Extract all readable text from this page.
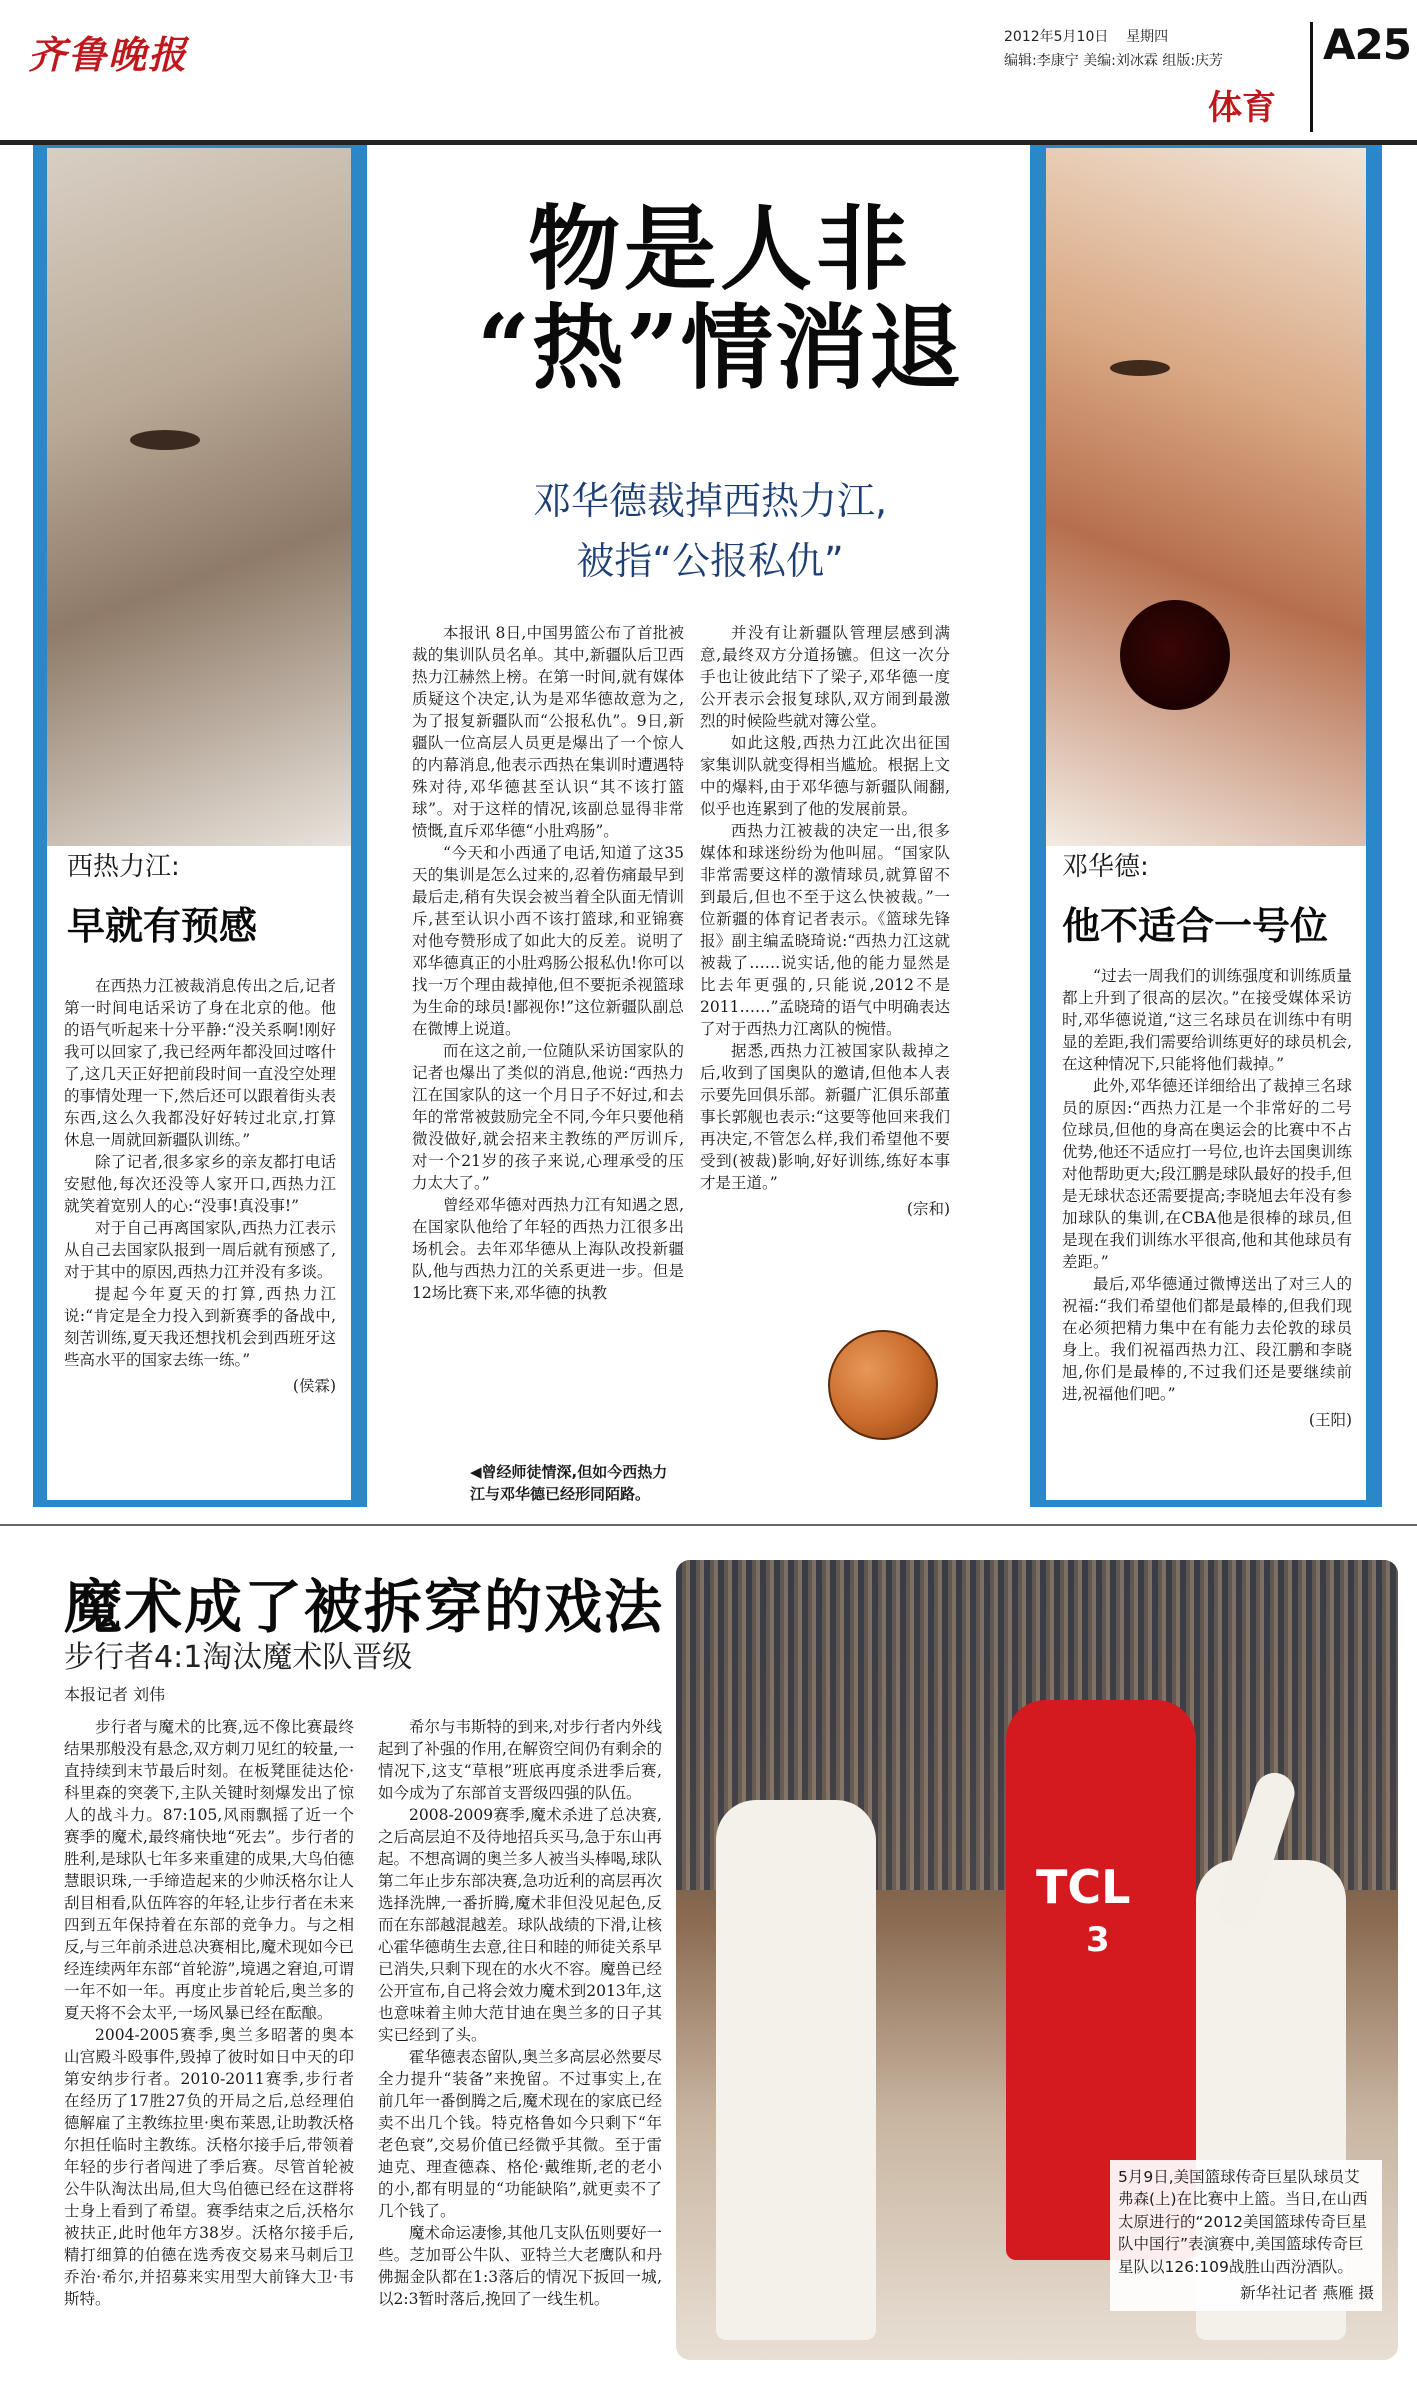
齐鲁晚报	2012年5月10日 星期四
编辑:李康宁 美编:刘冰霖 组版:庆芳 A25
体育
物是人非
“热”情消退
邓华德裁掉西热力江,
被指“公报私仇”
西热力江:
早就有预感

在西热力江被裁消息传出之后,记者第一时间电话采访了身在北京的他。他的语气听起来十分平静:“没关系啊!刚好我可以回家了,我已经两年都没回过喀什了,这几天正好把前段时间一直没空处理的事情处理一下,然后还可以跟着街头表东西,这么久我都没好好转过北京,打算休息一周就回新疆队训练。”

除了记者,很多家乡的亲友都打电话安慰他,每次还没等人家开口,西热力江就笑着宽别人的心:“没事!真没事!”

对于自己再离国家队,西热力江表示从自己去国家队报到一周后就有预感了,对于其中的原因,西热力江并没有多谈。

提起今年夏天的打算,西热力江说:“肯定是全力投入到新赛季的备战中,刻苦训练,夏天我还想找机会到西班牙这些高水平的国家去练一练。”

(侯霖)

本报讯 8日,中国男篮公布了首批被裁的集训队员名单。其中,新疆队后卫西热力江赫然上榜。在第一时间,就有媒体质疑这个决定,认为是邓华德故意为之,为了报复新疆队而“公报私仇”。9日,新疆队一位高层人员更是爆出了一个惊人的内幕消息,他表示西热在集训时遭遇特殊对待,邓华德甚至认识“其不该打篮球”。对于这样的情况,该副总显得非常愤慨,直斥邓华德“小肚鸡肠”。

“今天和小西通了电话,知道了这35天的集训是怎么过来的,忍着伤痛最早到最后走,稍有失误会被当着全队面无情训斥,甚至认识小西不该打篮球,和亚锦赛对他夸赞形成了如此大的反差。说明了邓华德真正的小肚鸡肠公报私仇!你可以找一万个理由裁掉他,但不要扼杀视篮球为生命的球员!鄙视你!”这位新疆队副总在微博上说道。

而在这之前,一位随队采访国家队的记者也爆出了类似的消息,他说:“西热力江在国家队的这一个月日子不好过,和去年的常常被鼓励完全不同,今年只要他稍微没做好,就会招来主教练的严厉训斥,对一个21岁的孩子来说,心理承受的压力太大了。”

曾经邓华德对西热力江有知遇之恩,在国家队他给了年轻的西热力江很多出场机会。去年邓华德从上海队改投新疆队,他与西热力江的关系更进一步。但是12场比赛下来,邓华德的执教

并没有让新疆队管理层感到满意,最终双方分道扬镳。但这一次分手也让彼此结下了梁子,邓华德一度公开表示会报复球队,双方闹到最激烈的时候险些就对簿公堂。

如此这般,西热力江此次出征国家集训队就变得相当尴尬。根据上文中的爆料,由于邓华德与新疆队闹翻,似乎也连累到了他的发展前景。

西热力江被裁的决定一出,很多媒体和球迷纷纷为他叫屈。“国家队非常需要这样的激情球员,就算留不到最后,但也不至于这么快被裁。”一位新疆的体育记者表示。《篮球先锋报》副主编孟晓琦说:“西热力江这就被裁了……说实话,他的能力显然是比去年更强的,只能说,2012不是2011……”孟晓琦的语气中明确表达了对于西热力江离队的惋惜。

据悉,西热力江被国家队裁掉之后,收到了国奥队的邀请,但他本人表示要先回俱乐部。新疆广汇俱乐部董事长郭舰也表示:“这要等他回来我们再决定,不管怎么样,我们希望他不要受到(被裁)影响,好好训练,练好本事才是王道。”

(宗和)
◀曾经师徒情深,但如今西热力江与邓华德已经形同陌路。
邓华德:
他不适合一号位

“过去一周我们的训练强度和训练质量都上升到了很高的层次。”在接受媒体采访时,邓华德说道,“这三名球员在训练中有明显的差距,我们需要给训练更好的球员机会,在这种情况下,只能将他们裁掉。”

此外,邓华德还详细给出了裁掉三名球员的原因:“西热力江是一个非常好的二号位球员,但他的身高在奥运会的比赛中不占优势,他还不适应打一号位,也许去国奥训练对他帮助更大;段江鹏是球队最好的投手,但是无球状态还需要提高;李晓旭去年没有参加球队的集训,在CBA他是很棒的球员,但是现在我们训练水平很高,他和其他球员有差距。”

最后,邓华德通过微博送出了对三人的祝福:“我们希望他们都是最棒的,但我们现在必须把精力集中在有能力去伦敦的球员身上。我们祝福西热力江、段江鹏和李晓旭,你们是最棒的,不过我们还是要继续前进,祝福他们吧。”

(王阳)
魔术成了被拆穿的戏法
步行者4:1淘汰魔术队晋级
本报记者 刘伟

步行者与魔术的比赛,远不像比赛最终结果那般没有悬念,双方刺刀见红的较量,一直持续到末节最后时刻。在板凳匪徒达伦·科里森的突袭下,主队关键时刻爆发出了惊人的战斗力。87:105,风雨飘摇了近一个赛季的魔术,最终痛快地“死去”。步行者的胜利,是球队七年多来重建的成果,大鸟伯德慧眼识珠,一手缔造起来的少帅沃格尔让人刮目相看,队伍阵容的年轻,让步行者在未来四到五年保持着在东部的竞争力。与之相反,与三年前杀进总决赛相比,魔术现如今已经连续两年东部“首轮游”,境遇之窘迫,可谓一年不如一年。再度止步首轮后,奥兰多的夏天将不会太平,一场风暴已经在酝酿。

2004-2005赛季,奥兰多昭著的奥本山宫殿斗殴事件,毁掉了彼时如日中天的印第安纳步行者。2010-2011赛季,步行者在经历了17胜27负的开局之后,总经理伯德解雇了主教练拉里·奥布莱恩,让助教沃格尔担任临时主教练。沃格尔接手后,带领着年轻的步行者闯进了季后赛。尽管首轮被公牛队淘汰出局,但大鸟伯德已经在这群将士身上看到了希望。赛季结束之后,沃格尔被扶正,此时他年方38岁。沃格尔接手后,精打细算的伯德在选秀夜交易来马刺后卫乔治·希尔,并招募来实用型大前锋大卫·韦斯特。

希尔与韦斯特的到来,对步行者内外线起到了补强的作用,在解资空间仍有剩余的情况下,这支“草根”班底再度杀进季后赛,如今成为了东部首支晋级四强的队伍。

2008-2009赛季,魔术杀进了总决赛,之后高层迫不及待地招兵买马,急于东山再起。不想高调的奥兰多人被当头棒喝,球队第二年止步东部决赛,急功近利的高层再次选择洗牌,一番折腾,魔术非但没见起色,反而在东部越混越差。球队战绩的下滑,让核心霍华德萌生去意,往日和睦的师徒关系早已消失,只剩下现在的水火不容。魔兽已经公开宣布,自己将会效力魔术到2013年,这也意味着主帅大范甘迪在奥兰多的日子其实已经到了头。

霍华德表态留队,奥兰多高层必然要尽全力提升“装备”来挽留。不过事实上,在前几年一番倒腾之后,魔术现在的家底已经卖不出几个钱。特克格鲁如今只剩下“年老色衰”,交易价值已经微乎其微。至于雷迪克、理查德森、格伦·戴维斯,老的老小的小,都有明显的“功能缺陷”,就更卖不了几个钱了。

魔术命运凄惨,其他几支队伍则要好一些。芝加哥公牛队、亚特兰大老鹰队和丹佛掘金队都在1:3落后的情况下扳回一城,以2:3暂时落后,挽回了一线生机。

TCL
3
5月9日,美国篮球传奇巨星队球员艾弗森(上)在比赛中上篮。当日,在山西太原进行的“2012美国篮球传奇巨星队中国行”表演赛中,美国篮球传奇巨星队以126:109战胜山西汾酒队。
新华社记者 燕雁 摄
